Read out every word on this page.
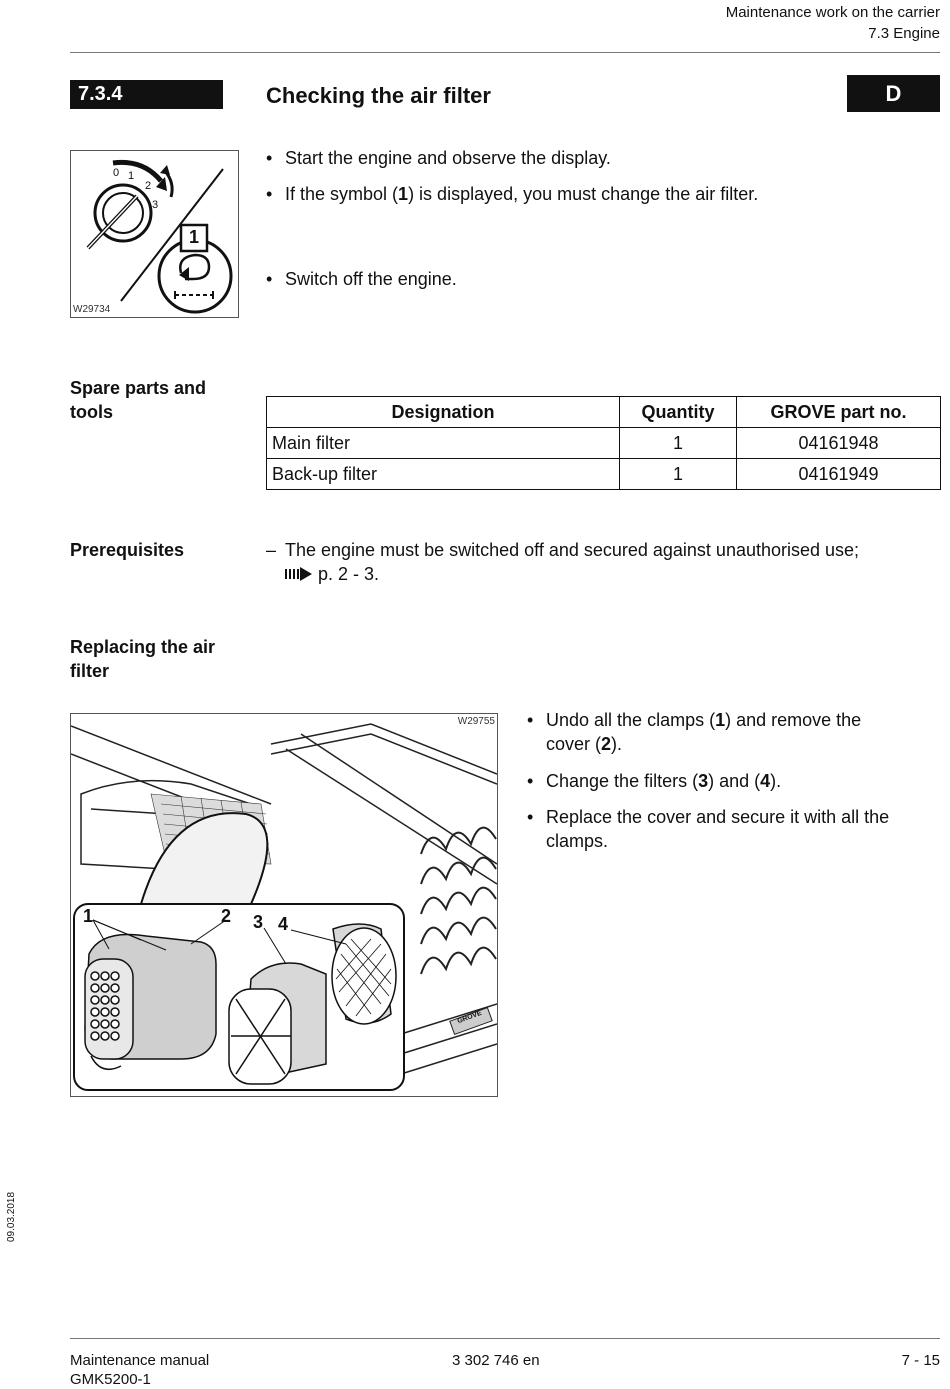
Maintenance work on the carrier
7.3 Engine
7.3.4	Checking the air filter	D
0 1
2
3
1
W29734
• Start the engine and observe the display.
• If the symbol (1) is displayed, you must change the air filter.
• Switch off the engine.
Spare parts and
tools	Designation	Quantity	GROVE part no.
Main filter	1	04161948
Back-up filter	1	04161949
Prerequisites	– The engine must be switched off and secured against unauthorised use;
p. 2 - 3.
Replacing the air
filter
1	2 3 4
GROVE
W29755 • Undo all the clamps (1) and remove the
cover (2).
• Change the filters (3) and (4).
• Replace the cover and secure it with all the
clamps.
09.03.2018
Maintenance manual
GMK5200-1
3 302 746 en	7 - 15
